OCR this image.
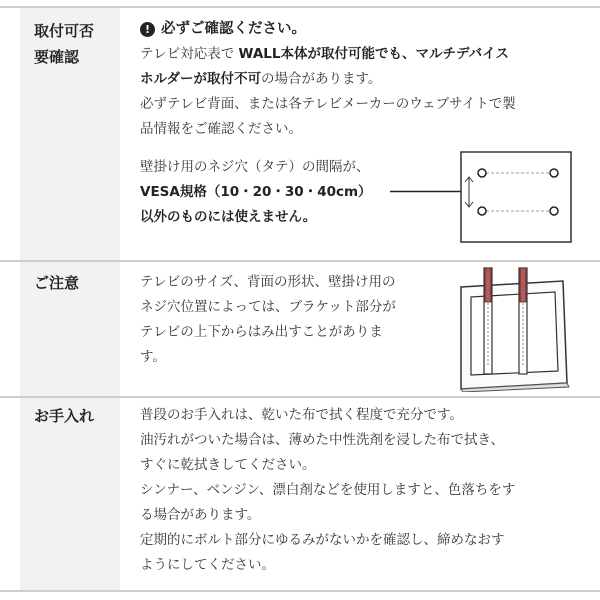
取付可否
要確認
! 必ずご確認ください。
テレビ対応表で WALL本体が取付可能でも、マルチデバイス
ホルダーが取付不可の場合があります。
必ずテレビ背面、または各テレビメーカーのウェブサイトで製
品情報をご確認ください。
壁掛け用のネジ穴（タテ）の間隔が、
VESA規格（10・20・30・40cm）
以外のものには使えません。
ご注意	テレビのサイズ、背面の形状、壁掛け用の
ネジ穴位置によっては、ブラケット部分が
テレビの上下からはみ出すことがありま
す。
お手入れ	普段のお手入れは、乾いた布で拭く程度で充分です。
油汚れがついた場合は、薄めた中性洗剤を浸した布で拭き、
すぐに乾拭きしてください。
シンナー、ベンジン、漂白剤などを使用しますと、色落ちをす
る場合があります。
定期的にボルト部分にゆるみがないかを確認し、締めなおす
ようにしてください。
